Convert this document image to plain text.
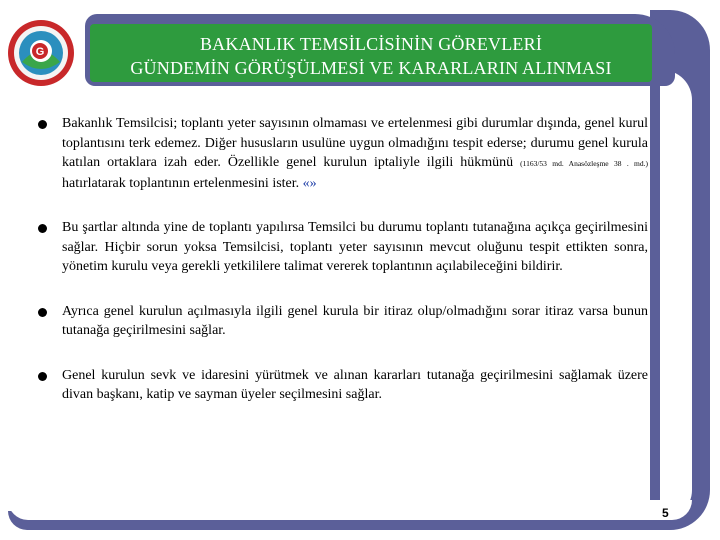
BAKANLIK TEMSİLCİSİNİN GÖREVLERİ
GÜNDEMİN GÖRÜŞÜLMESİ VE KARARLARIN ALINMASI
G
Bakanlık Temsilcisi; toplantı yeter sayısının olmaması ve ertelenmesi gibi durumlar dışında, genel kurul toplantısını terk edemez. Diğer hususların usulüne uygun olmadığını tespit ederse; durumu genel kurula katılan ortaklara izah eder. Özellikle genel kurulun iptaliyle ilgili hükmünü (1163/53 md. Anasözleşme 38 . md.) hatırlatarak toplantının ertelenmesini ister. «»
Bu şartlar altında yine de toplantı yapılırsa Temsilci bu durumu toplantı tutanağına açıkça geçirilmesini sağlar. Hiçbir sorun yoksa Temsilcisi, toplantı yeter sayısının mevcut oluğunu tespit ettikten sonra, yönetim kurulu veya gerekli yetkililere talimat vererek toplantının açılabileceğini bildirir.
Ayrıca genel kurulun açılmasıyla ilgili genel kurula bir itiraz olup/olmadığını sorar itiraz varsa bunun tutanağa geçirilmesini sağlar.
Genel kurulun sevk ve idaresini yürütmek ve alınan kararları tutanağa geçirilmesini sağlamak üzere divan başkanı, katip ve sayman üyeler seçilmesini sağlar.
5
